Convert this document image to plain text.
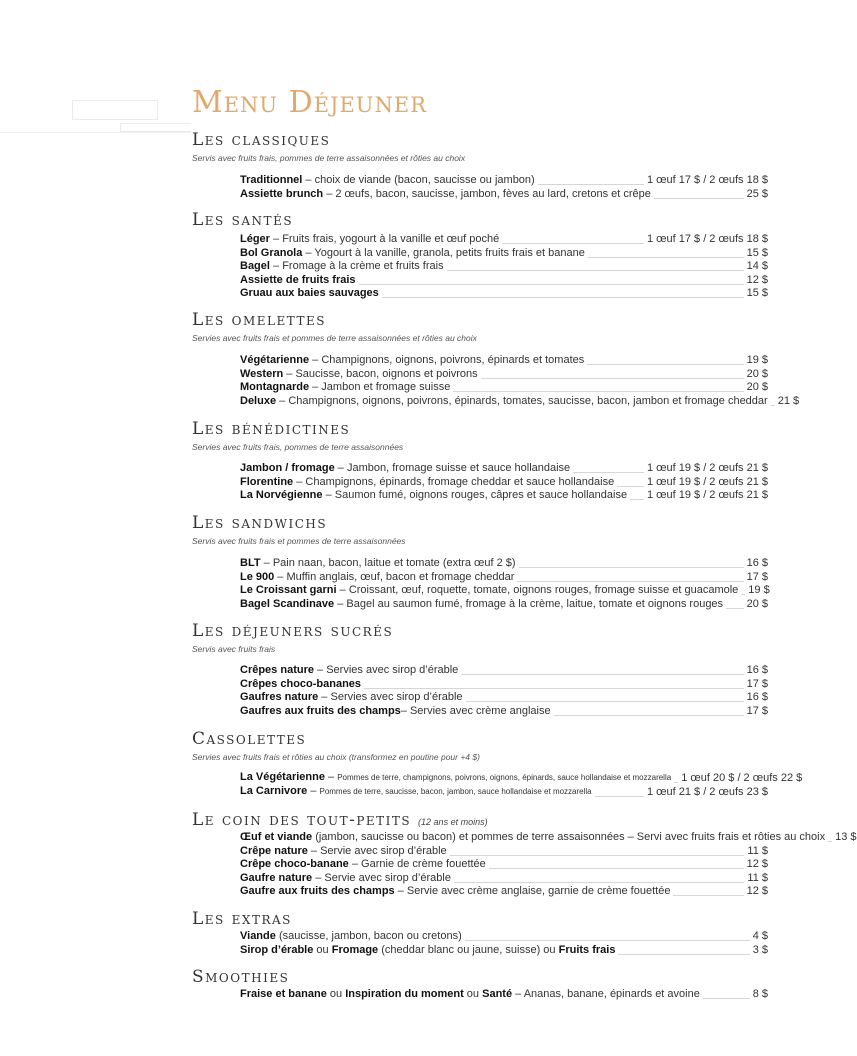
Menu Déjeuner
Les classiques
Servis avec fruits frais, pommes de terre assaisonnées et rôties au choix
Traditionnel – choix de viande (bacon, saucisse ou jambon)	1 œuf 17 $ / 2 œufs 18 $
Assiette brunch – 2 œufs, bacon, saucisse, jambon, fèves au lard, cretons et crêpe	25 $
Les santés
Léger – Fruits frais, yogourt à la vanille et œuf poché	1 œuf 17 $ / 2 œufs 18 $
Bol Granola – Yogourt à la vanille, granola, petits fruits frais et banane	15 $
Bagel – Fromage à la crème et fruits frais	14 $
Assiette de fruits frais	12 $
Gruau aux baies sauvages	15 $
Les omelettes
Servies avec fruits frais et pommes de terre assaisonnées et rôties au choix
Végétarienne – Champignons, oignons, poivrons, épinards et tomates	19 $
Western – Saucisse, bacon, oignons et poivrons	20 $
Montagnarde – Jambon et fromage suisse	20 $
Deluxe – Champignons, oignons, poivrons, épinards, tomates, saucisse, bacon, jambon et fromage cheddar 21 $
Les bénédictines
Servies avec fruits frais, pommes de terre assaisonnées
Jambon / fromage – Jambon, fromage suisse et sauce hollandaise	1 œuf 19 $ / 2 œufs 21 $
Florentine – Champignons, épinards, fromage cheddar et sauce hollandaise	1 œuf 19 $ / 2 œufs 21 $
La Norvégienne – Saumon fumé, oignons rouges, câpres et sauce hollandaise 1 œuf 19 $ / 2 œufs 21 $
Les sandwichs
Servis avec fruits frais et pommes de terre assaisonnées
BLT – Pain naan, bacon, laitue et tomate (extra œuf 2 $)	16 $
Le 900 – Muffin anglais, œuf, bacon et fromage cheddar	17 $
Le Croissant garni – Croissant, œuf, roquette, tomate, oignons rouges, fromage suisse et guacamole 19 $
Bagel Scandinave – Bagel au saumon fumé, fromage à la crème, laitue, tomate et oignons rouges 20 $
Les déjeuners sucrés
Servis avec fruits frais
Crêpes nature – Servies avec sirop d’érable	16 $
Crêpes choco-bananes	17 $
Gaufres nature – Servies avec sirop d’érable	16 $
Gaufres aux fruits des champs– Servies avec crème anglaise	17 $
Cassolettes
Servies avec fruits frais et rôties au choix (transformez en poutine pour +4 $)
La Végétarienne – Pommes de terre, champignons, poivrons, oignons, épinards, sauce hollandaise et mozzarella 1 œuf 20 $ / 2 œufs 22 $
La Carnivore – Pommes de terre, saucisse, bacon, jambon, sauce hollandaise et mozzarella	1 œuf 21 $ / 2 œufs 23 $
Le coin des tout-petits (12 ans et moins)
Œuf et viande (jambon, saucisse ou bacon) et pommes de terre assaisonnées – Servi avec fruits frais et rôties au choix 13 $
Crêpe nature – Servie avec sirop d’érable	11 $
Crêpe choco-banane – Garnie de crème fouettée	12 $
Gaufre nature – Servie avec sirop d’érable	11 $
Gaufre aux fruits des champs – Servie avec crème anglaise, garnie de crème fouettée	12 $
Les extras
Viande (saucisse, jambon, bacon ou cretons)	4 $
Sirop d’érable ou Fromage (cheddar blanc ou jaune, suisse) ou Fruits frais	3 $
Smoothies
Fraise et banane ou Inspiration du moment ou Santé – Ananas, banane, épinards et avoine	8 $
